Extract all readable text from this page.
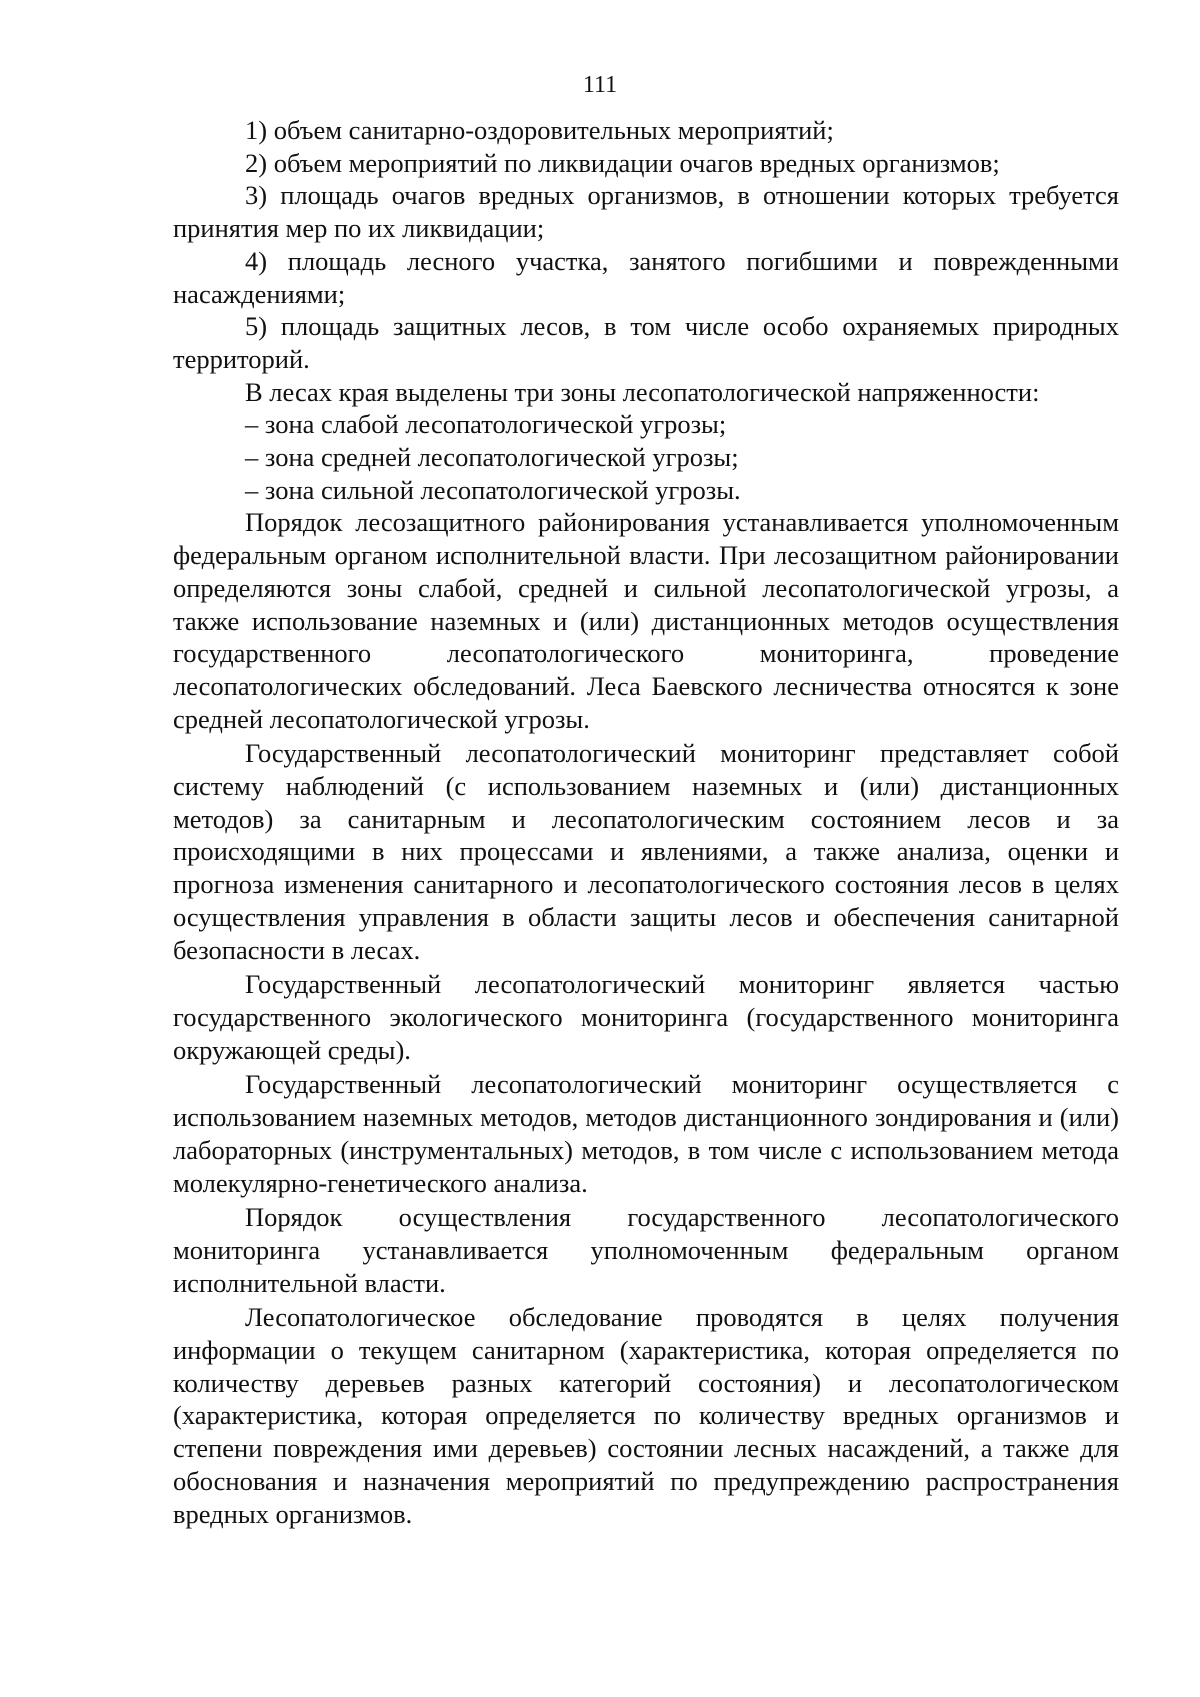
111

1) объем санитарно-оздоровительных мероприятий;

2) объем мероприятий по ликвидации очагов вредных организмов;

3) площадь очагов вредных организмов, в отношении которых требуется принятия мер по их ликвидации;

4) площадь лесного участка, занятого погибшими и поврежденными насаждениями;

5) площадь защитных лесов, в том числе особо охраняемых природных территорий.

В лесах края выделены три зоны лесопатологической напряженности:

– зона слабой лесопатологической угрозы;

– зона средней лесопатологической угрозы;

– зона сильной лесопатологической угрозы.

Порядок лесозащитного районирования устанавливается уполномоченным федеральным органом исполнительной власти. При лесозащитном районировании определяются зоны слабой, средней и сильной лесопатологической угрозы, а также использование наземных и (или) дистанционных методов осуществления государственного лесопатологического мониторинга, проведение лесопатологических обследований. Леса Баевского лесничества относятся к зоне средней лесопатологической угрозы.

Государственный лесопатологический мониторинг представляет собой систему наблюдений (с использованием наземных и (или) дистанционных методов) за санитарным и лесопатологическим состоянием лесов и за происходящими в них процессами и явлениями, а также анализа, оценки и прогноза изменения санитарного и лесопатологического состояния лесов в целях осуществления управления в области защиты лесов и обеспечения санитарной безопасности в лесах.

Государственный лесопатологический мониторинг является частью государственного экологического мониторинга (государственного мониторинга окружающей среды).

Государственный лесопатологический мониторинг осуществляется с использованием наземных методов, методов дистанционного зондирования и (или) лабораторных (инструментальных) методов, в том числе с использованием метода молекулярно-генетического анализа.

Порядок осуществления государственного лесопатологического мониторинга устанавливается уполномоченным федеральным органом исполнительной власти.

Лесопатологическое обследование проводятся в целях получения информации о текущем санитарном (характеристика, которая определяется по количеству деревьев разных категорий состояния) и лесопатологическом (характеристика, которая определяется по количеству вредных организмов и степени повреждения ими деревьев) состоянии лесных насаждений, а также для обоснования и назначения мероприятий по предупреждению распространения вредных организмов.
